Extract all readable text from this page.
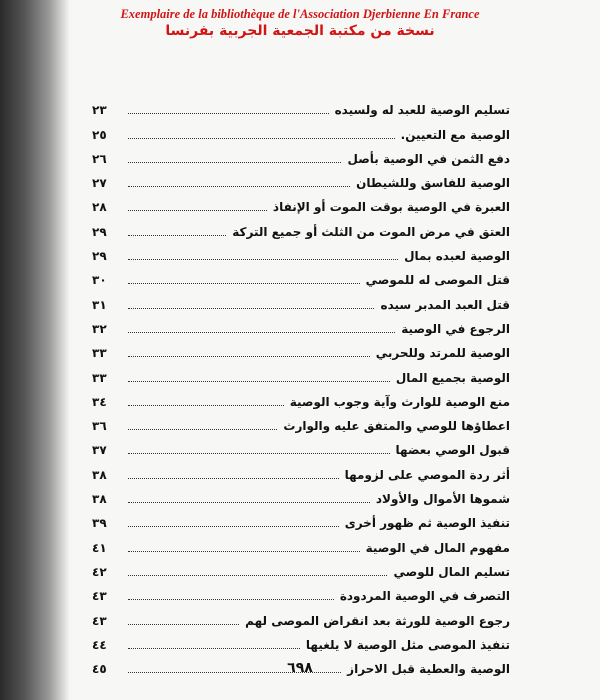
Exemplaire de la bibliothèque de l'Association Djerbienne En France
نسخة من مكتبة الجمعية الجربية بفرنسا
تسليم الوصية للعبد له ولسيده
٢٣
الوصية مع التعيين.
٢٥
دفع الثمن في الوصية بأصل
٢٦
الوصية للفاسق وللشيطان
٢٧
العبرة في الوصية بوقت الموت أو الإنفاذ
٢٨
العتق في مرض الموت من الثلث أو جميع التركة
٢٩
الوصية لعبده بمال
٢٩
قتل الموصى له للموصي
٣٠
قتل العبد المدبر سيده
٣١
الرجوع في الوصية
٣٢
الوصية للمرتد وللحربي
٣٣
الوصية بجميع المال
٣٣
منع الوصية للوارث وآية وجوب الوصية
٣٤
اعطاؤها للوصي والمتفق عليه والوارث
٣٦
قبول الوصي بعضها
٣٧
أثر ردة الموصي على لزومها
٣٨
شموها الأموال والأولاد
٣٨
تنفيذ الوصية ثم ظهور أخرى
٣٩
مفهوم المال في الوصية
٤١
تسليم المال للوصي
٤٢
التصرف في الوصية المردودة
٤٣
رجوع الوصية للورثة بعد انقراض الموصى لهم
٤٣
تنفيذ الموصى مثل الوصية لا يلغيها
٤٤
الوصية والعطية قبل الاحراز
٤٥	٦٩٨
